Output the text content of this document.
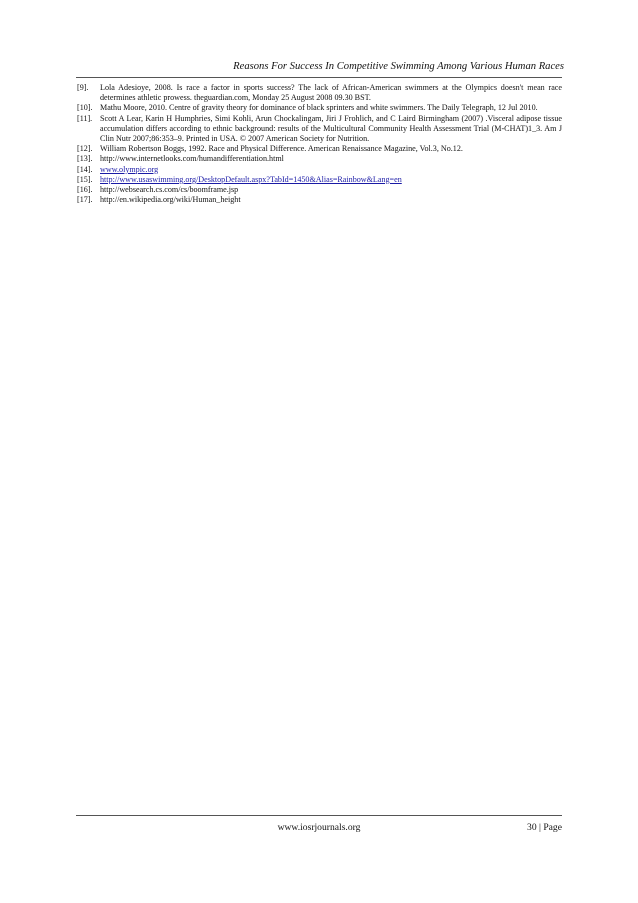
Reasons For Success In Competitive Swimming Among Various Human Races
[9].	Lola Adesioye, 2008. Is race a factor in sports success? The lack of African-American swimmers at the Olympics doesn't mean race determines athletic prowess. theguardian.com, Monday 25 August 2008 09.30 BST.
[10]. Mathu Moore, 2010. Centre of gravity theory for dominance of black sprinters and white swimmers. The Daily Telegraph, 12 Jul 2010.
[11]. Scott A Lear, Karin H Humphries, Simi Kohli, Arun Chockalingam, Jiri J Frohlich, and C Laird Birmingham (2007) .Visceral adipose tissue accumulation differs according to ethnic background: results of the Multicultural Community Health Assessment Trial (M-CHAT)1_3. Am J Clin Nutr 2007;86:353–9. Printed in USA. © 2007 American Society for Nutrition.
[12]. William Robertson Boggs, 1992. Race and Physical Difference. American Renaissance Magazine, Vol.3, No.12.
[13]. http://www.internetlooks.com/humandifferentiation.html
[14]. www.olympic.org
[15]. http://www.usaswimming.org/DesktopDefault.aspx?TabId=1450&Alias=Rainbow&Lang=en
[16]. http://websearch.cs.com/cs/boomframe.jsp
[17]. http://en.wikipedia.org/wiki/Human_height
www.iosrjournals.org	30 | Page
